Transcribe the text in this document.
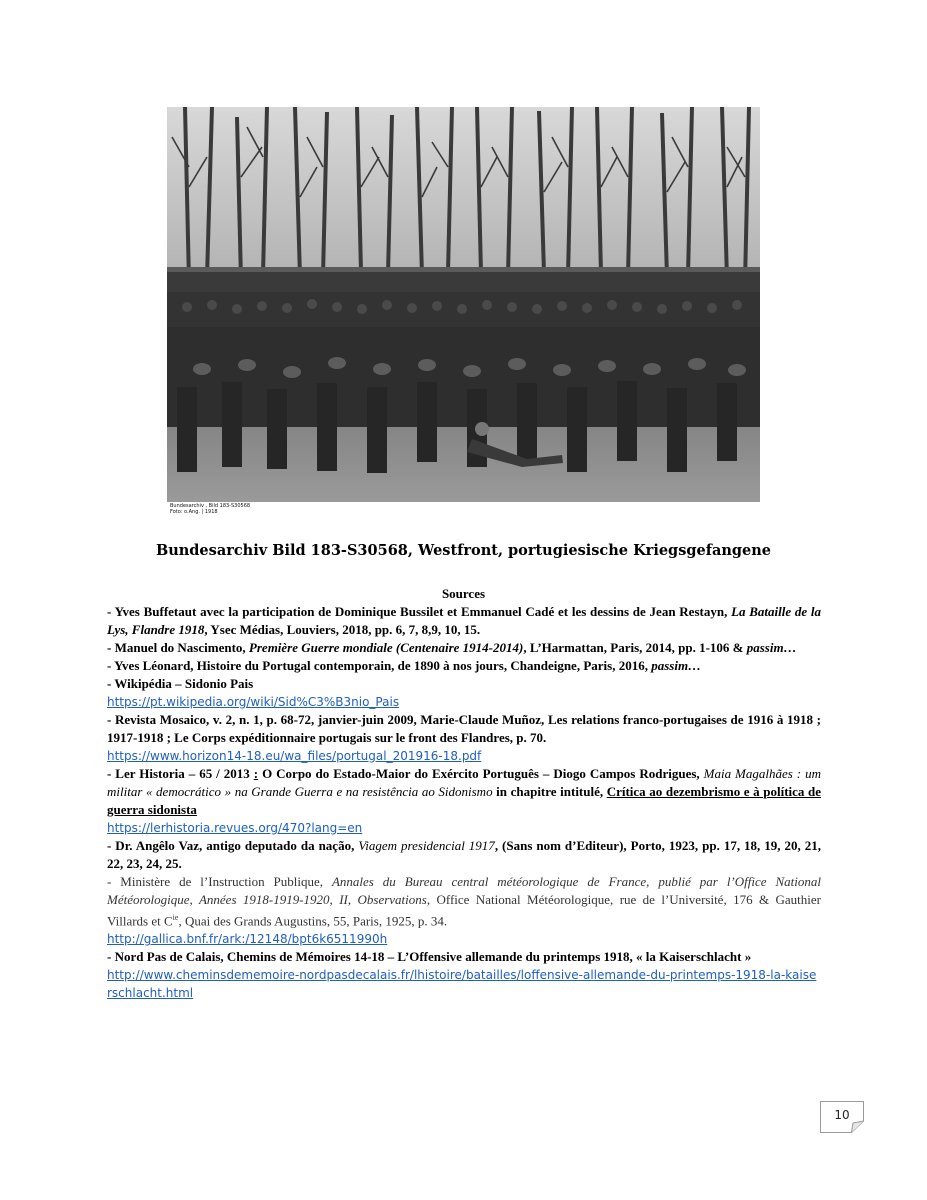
Bundesarchiv , Bild 183-S30568
Foto: o.Ang. | 1918
Bundesarchiv Bild 183-S30568, Westfront, portugiesische Kriegsgefangene
Sources

- Yves Buffetaut avec la participation de Dominique Bussilet et Emmanuel Cadé et les dessins de Jean Restayn, La Bataille de la Lys, Flandre 1918, Ysec Médias, Louviers, 2018, pp. 6, 7, 8,9, 10, 15.

- Manuel do Nascimento, Première Guerre mondiale (Centenaire 1914-2014), L’Harmattan, Paris, 2014, pp. 1-106 & passim…

- Yves Léonard, Histoire du Portugal contemporain, de 1890 à nos jours, Chandeigne, Paris, 2016, passim…

- Wikipédia – Sidonio Pais

https://pt.wikipedia.org/wiki/Sid%C3%B3nio_Pais

- Revista Mosaico, v. 2, n. 1, p. 68-72, janvier-juin 2009, Marie-Claude Muñoz, Les relations franco-portugaises de 1916 à 1918 ; 1917-1918 ; Le Corps expéditionnaire portugais sur le front des Flandres, p. 70.

https://www.horizon14-18.eu/wa_files/portugal_201916-18.pdf

- Ler Historia – 65 / 2013 : O Corpo do Estado-Maior do Exército Português – Diogo Campos Rodrigues, Maia Magalhães : um militar « democrático » na Grande Guerra e na resistência ao Sidonismo in chapitre intitulé, Crítica ao dezembrismo e à política de guerra sidonista

https://lerhistoria.revues.org/470?lang=en

- Dr. Angêlo Vaz, antigo deputado da nação, Viagem presidencial 1917, (Sans nom d’Editeur), Porto, 1923, pp. 17, 18, 19, 20, 21, 22, 23, 24, 25.

- Ministère de l’Instruction Publique, Annales du Bureau central météorologique de France, publié par l’Office National Météorologique, Années 1918-1919-1920, II, Observations, Office National Météorologique, rue de l’Université, 176 & Gauthier Villards et $C^{ie}$, Quai des Grands Augustins, 55, Paris, 1925, p. 34.

http://gallica.bnf.fr/ark:/12148/bpt6k6511990h

- Nord Pas de Calais, Chemins de Mémoires 14-18 – L’Offensive allemande du printemps 1918, « la Kaiserschlacht »

http://www.cheminsdememoire-nordpasdecalais.fr/lhistoire/batailles/loffensive-allemande-du-printemps-1918-la-kaiserschlacht.html

10
